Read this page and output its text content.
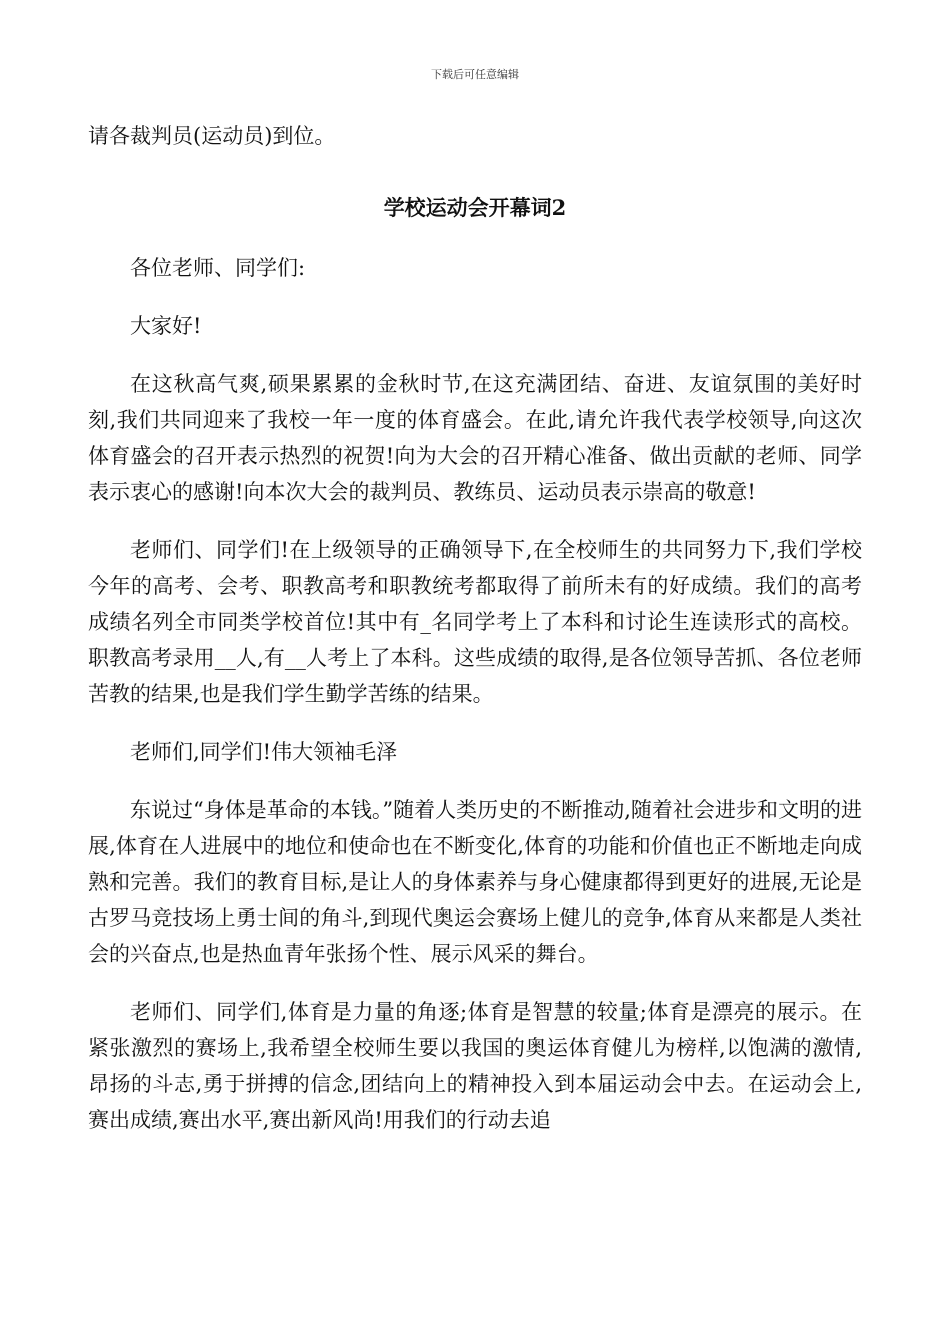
下载后可任意编辑

请各裁判员(运动员)到位。

学校运动会开幕词2

各位老师、同学们:

大家好!

在这秋高气爽,硕果累累的金秋时节,在这充满团结、奋进、友谊氛围的美好时刻,我们共同迎来了我校一年一度的体育盛会。在此,请允许我代表学校领导,向这次体育盛会的召开表示热烈的祝贺!向为大会的召开精心准备、做出贡献的老师、同学表示衷心的感谢!向本次大会的裁判员、教练员、运动员表示崇高的敬意!

老师们、同学们!在上级领导的正确领导下,在全校师生的共同努力下,我们学校今年的高考、会考、职教高考和职教统考都取得了前所未有的好成绩。我们的高考成绩名列全市同类学校首位!其中有_名同学考上了本科和讨论生连读形式的高校。职教高考录用__人,有__人考上了本科。这些成绩的取得,是各位领导苦抓、各位老师苦教的结果,也是我们学生勤学苦练的结果。

老师们,同学们!伟大领袖毛泽

东说过“身体是革命的本钱。”随着人类历史的不断推动,随着社会进步和文明的进展,体育在人进展中的地位和使命也在不断变化,体育的功能和价值也正不断地走向成熟和完善。我们的教育目标,是让人的身体素养与身心健康都得到更好的进展,无论是古罗马竞技场上勇士间的角斗,到现代奥运会赛场上健儿的竞争,体育从来都是人类社会的兴奋点,也是热血青年张扬个性、展示风采的舞台。

老师们、同学们,体育是力量的角逐;体育是智慧的较量;体育是漂亮的展示。在紧张激烈的赛场上,我希望全校师生要以我国的奥运体育健儿为榜样,以饱满的激情,昂扬的斗志,勇于拼搏的信念,团结向上的精神投入到本届运动会中去。在运动会上,赛出成绩,赛出水平,赛出新风尚!用我们的行动去追
